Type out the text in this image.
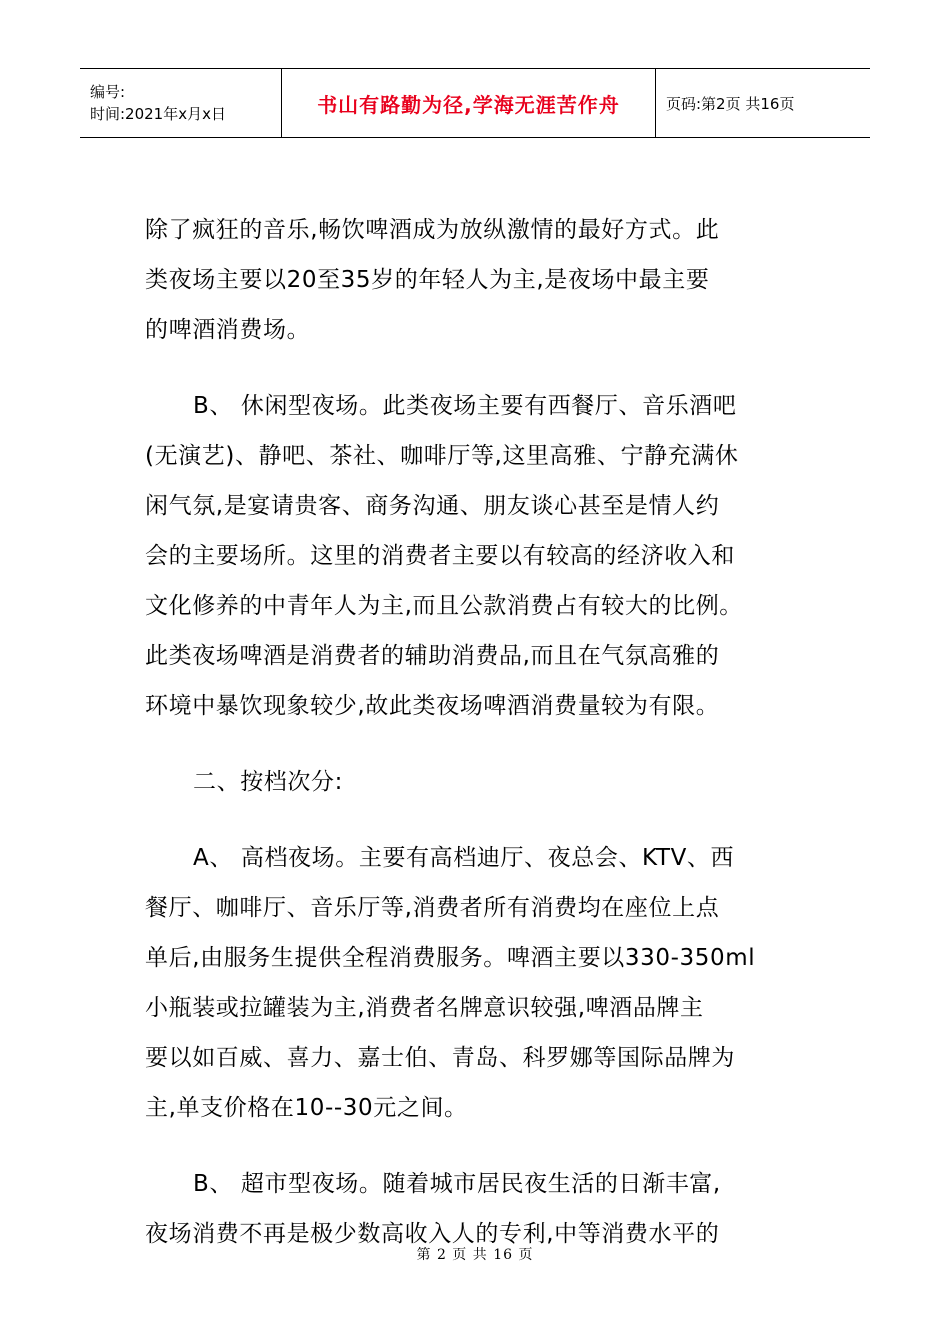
编号:
时间:2021年x月x日	书山有路勤为径,学海无涯苦作舟	页码:第2页 共16页

除了疯狂的音乐,畅饮啤酒成为放纵激情的最好方式。此
类夜场主要以20至35岁的年轻人为主,是夜场中最主要
的啤酒消费场。

B、 休闲型夜场。此类夜场主要有西餐厅、音乐酒吧
(无演艺)、静吧、茶社、咖啡厅等,这里高雅、宁静充满休
闲气氛,是宴请贵客、商务沟通、朋友谈心甚至是情人约
会的主要场所。这里的消费者主要以有较高的经济收入和
文化修养的中青年人为主,而且公款消费占有较大的比例。
此类夜场啤酒是消费者的辅助消费品,而且在气氛高雅的
环境中暴饮现象较少,故此类夜场啤酒消费量较为有限。

二、按档次分:

A、 高档夜场。主要有高档迪厅、夜总会、KTV、西
餐厅、咖啡厅、音乐厅等,消费者所有消费均在座位上点
单后,由服务生提供全程消费服务。啤酒主要以330-350ml
小瓶装或拉罐装为主,消费者名牌意识较强,啤酒品牌主
要以如百威、喜力、嘉士伯、青岛、科罗娜等国际品牌为
主,单支价格在10--30元之间。

B、 超市型夜场。随着城市居民夜生活的日渐丰富,
夜场消费不再是极少数高收入人的专利,中等消费水平的

第 2 页 共 16 页
